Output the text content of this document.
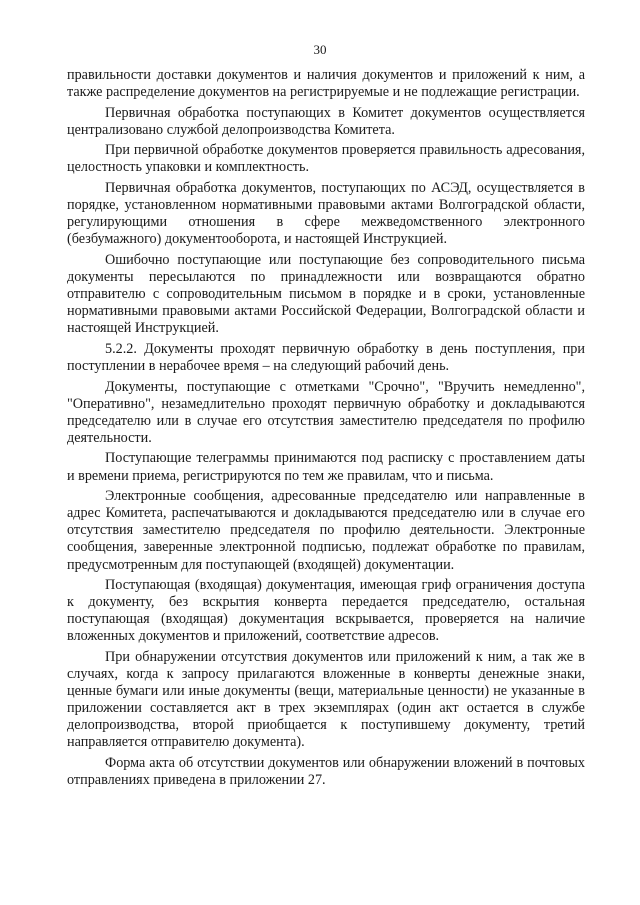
30

правильности доставки документов и наличия документов и приложений к ним, а также распределение документов на регистрируемые и не подлежащие регистрации.

Первичная обработка поступающих в Комитет документов осуществляется централизовано службой делопроизводства Комитета.

При первичной обработке документов проверяется правильность адресования, целостность упаковки и комплектность.

Первичная обработка документов, поступающих по АСЭД, осуществляется в порядке, установленном нормативными правовыми актами Волгоградской области, регулирующими отношения в сфере межведомственного электронного (безбумажного) документооборота, и настоящей Инструкцией.

Ошибочно поступающие или поступающие без сопроводительного письма документы пересылаются по принадлежности или возвращаются обратно отправителю с сопроводительным письмом в порядке и в сроки, установленные нормативными правовыми актами Российской Федерации, Волгоградской области и настоящей Инструкцией.

5.2.2. Документы проходят первичную обработку в день поступления, при поступлении в нерабочее время – на следующий рабочий день.

Документы, поступающие с отметками "Срочно", "Вручить немедленно", "Оперативно", незамедлительно проходят первичную обработку и докладываются председателю или в случае его отсутствия заместителю председателя по профилю деятельности.

Поступающие телеграммы принимаются под расписку с проставлением даты и времени приема, регистрируются по тем же правилам, что и письма.

Электронные сообщения, адресованные председателю или направленные в адрес Комитета, распечатываются и докладываются председателю или в случае его отсутствия заместителю председателя по профилю деятельности. Электронные сообщения, заверенные электронной подписью, подлежат обработке по правилам, предусмотренным для поступающей (входящей) документации.

Поступающая (входящая) документация, имеющая гриф ограничения доступа к документу, без вскрытия конверта передается председателю, остальная поступающая (входящая) документация вскрывается, проверяется на наличие вложенных документов и приложений, соответствие адресов.

При обнаружении отсутствия документов или приложений к ним, а так же в случаях, когда к запросу прилагаются вложенные в конверты денежные знаки, ценные бумаги или иные документы (вещи, материальные ценности) не указанные в приложении составляется акт в трех экземплярах (один акт остается в службе делопроизводства, второй приобщается к поступившему документу, третий направляется отправителю документа).

Форма акта об отсутствии документов или обнаружении вложений в почтовых отправлениях приведена в приложении 27.
